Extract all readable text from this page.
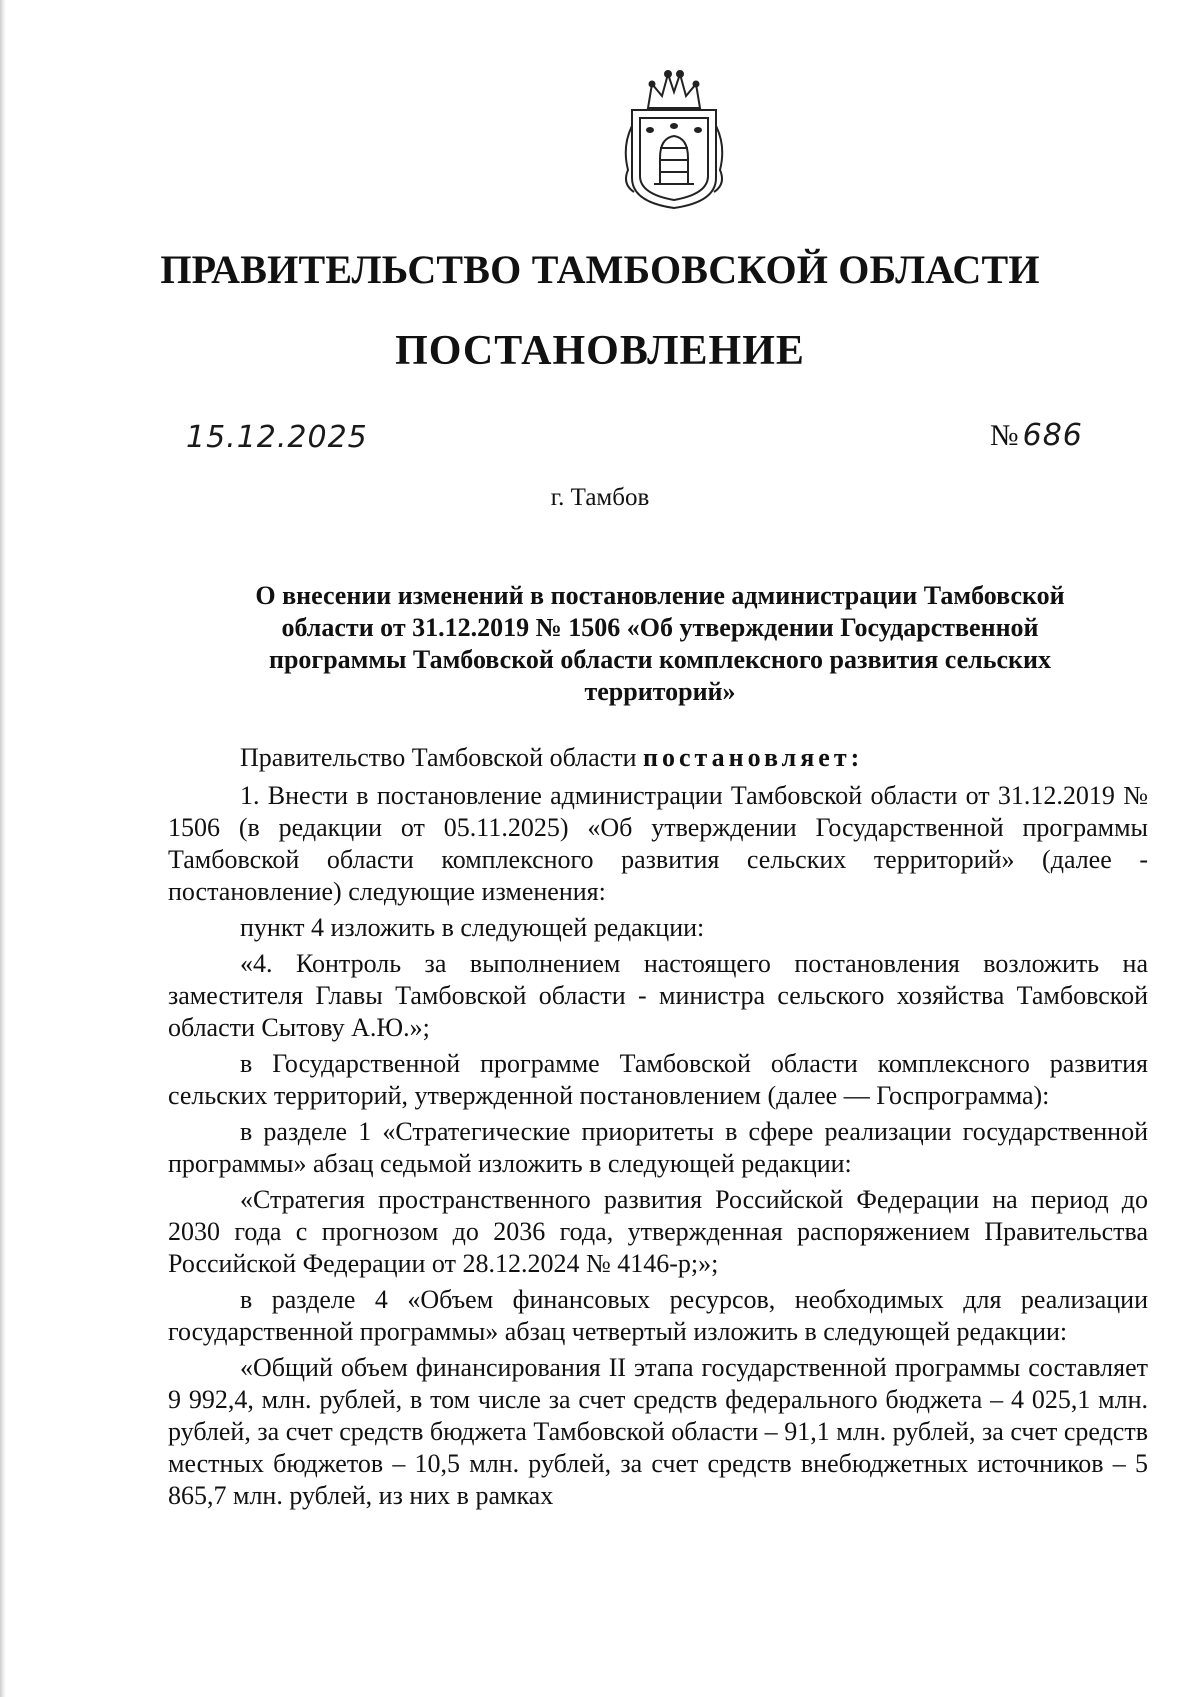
ПРАВИТЕЛЬСТВО ТАМБОВСКОЙ ОБЛАСТИ
ПОСТАНОВЛЕНИЕ
15.12.2025	№ 686
г. Тамбов
О внесении изменений в постановление администрации Тамбовской области от 31.12.2019 № 1506 «Об утверждении Государственной программы Тамбовской области комплексного развития сельских территорий»

Правительство Тамбовской области постановляет:

1. Внести в постановление администрации Тамбовской области от 31.12.2019 № 1506 (в редакции от 05.11.2025) «Об утверждении Государственной программы Тамбовской области комплексного развития сельских территорий» (далее - постановление) следующие изменения:

пункт 4 изложить в следующей редакции:

«4. Контроль за выполнением настоящего постановления возложить на заместителя Главы Тамбовской области - министра сельского хозяйства Тамбовской области Сытову А.Ю.»;

в Государственной программе Тамбовской области комплексного развития сельских территорий, утвержденной постановлением (далее — Госпрограмма):

в разделе 1 «Стратегические приоритеты в сфере реализации государственной программы» абзац седьмой изложить в следующей редакции:

«Стратегия пространственного развития Российской Федерации на период до 2030 года с прогнозом до 2036 года, утвержденная распоряжением Правительства Российской Федерации от 28.12.2024 № 4146-р;»;

в разделе 4 «Объем финансовых ресурсов, необходимых для реализации государственной программы» абзац четвертый изложить в следующей редакции:

«Общий объем финансирования II этапа государственной программы составляет 9 992,4, млн. рублей, в том числе за счет средств федерального бюджета – 4 025,1 млн. рублей, за счет средств бюджета Тамбовской области – 91,1 млн. рублей, за счет средств местных бюджетов – 10,5 млн. рублей, за счет средств внебюджетных источников – 5 865,7 млн. рублей, из них в рамках
